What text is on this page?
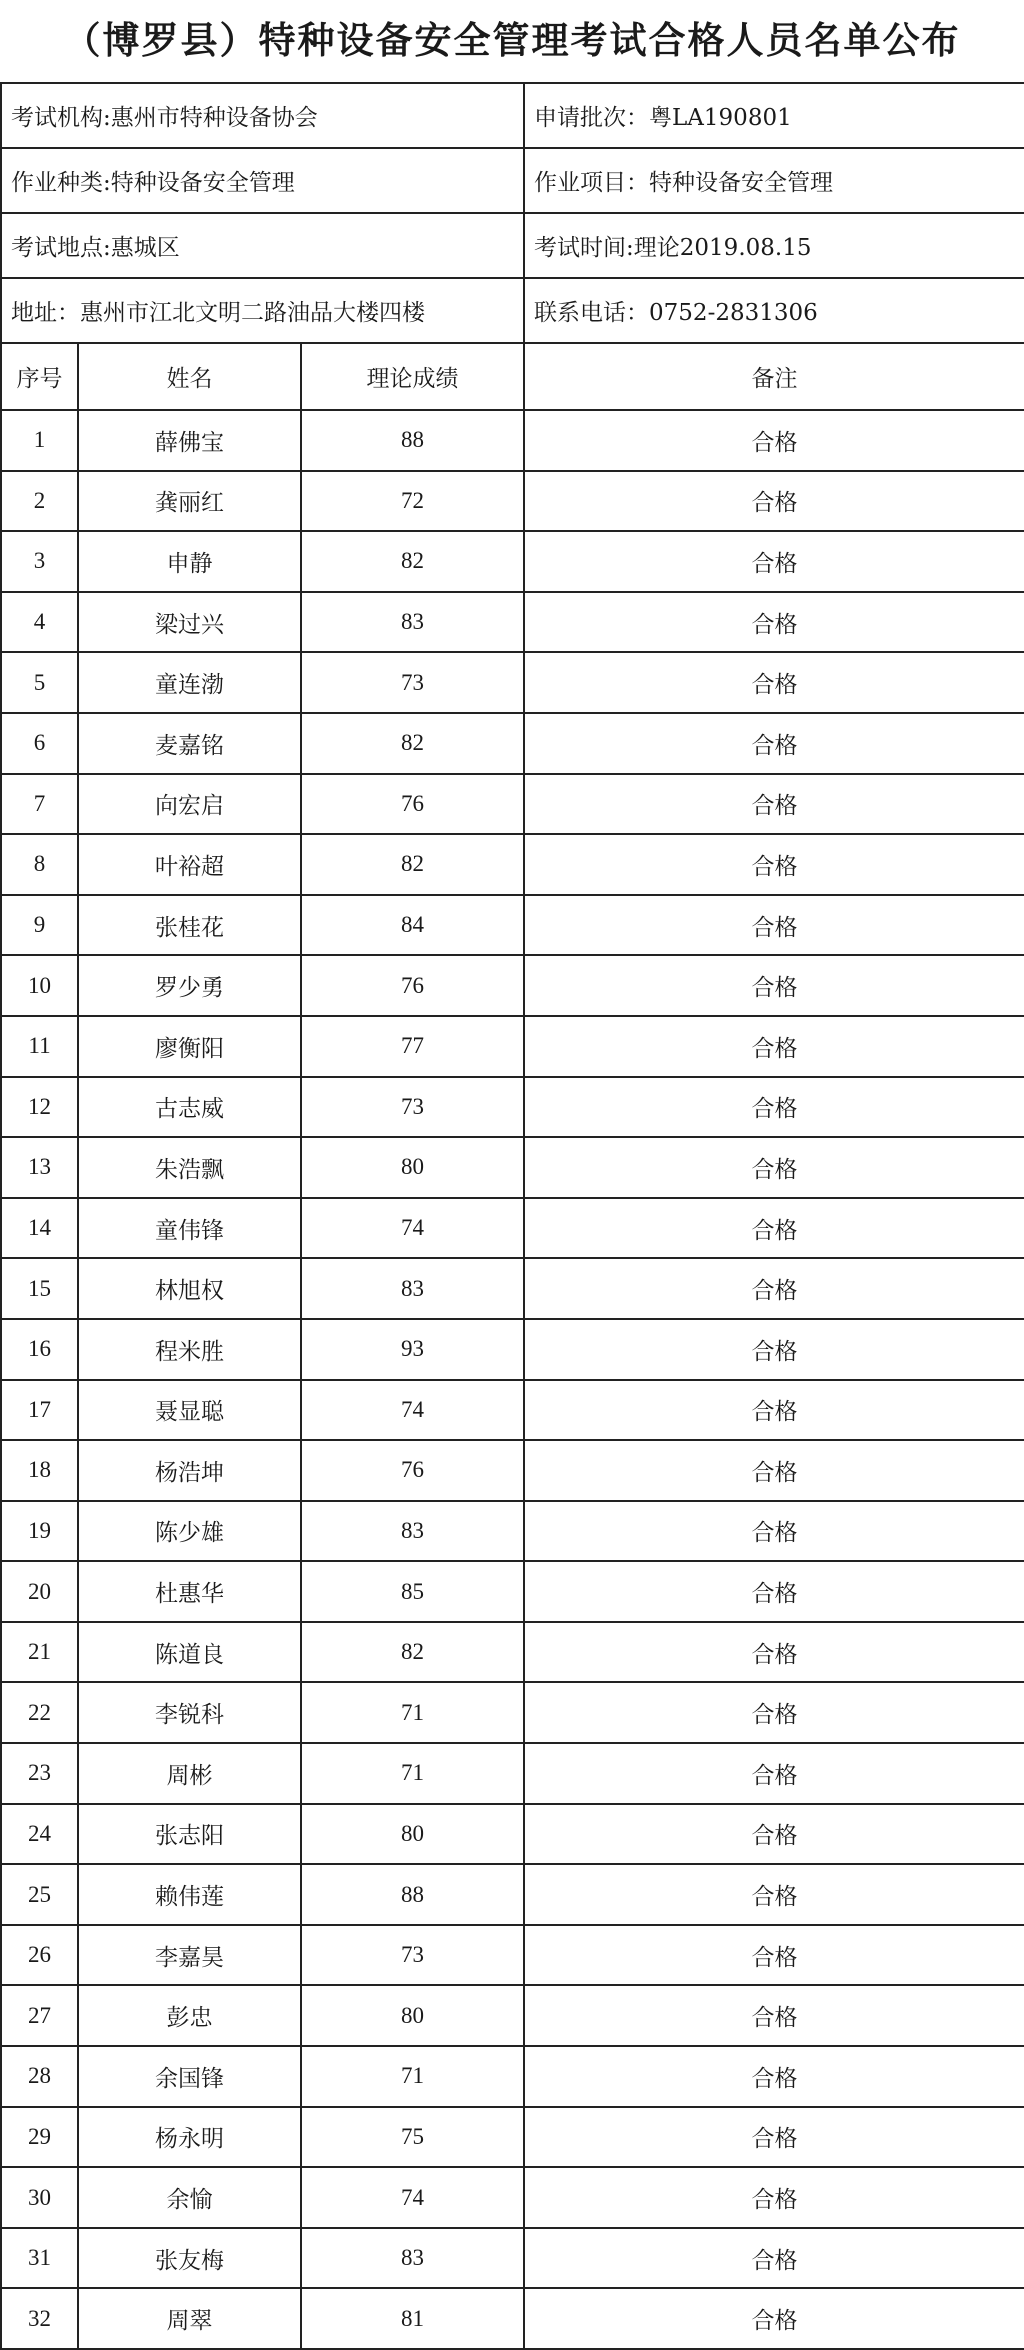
（博罗县）特种设备安全管理考试合格人员名单公布
考试机构:惠州市特种设备协会			申请批次：粤LA190801
作业种类:特种设备安全管理			作业项目：特种设备安全管理
考试地点:惠城区			考试时间:理论2019.08.15
地址：惠州市江北文明二路油品大楼四楼			联系电话：0752-2831306
序号	姓名	理论成绩	备注
1	薛佛宝	88	合格
2	龚丽红	72	合格
3	申静	82	合格
4	梁过兴	83	合格
5	童连渤	73	合格
6	麦嘉铭	82	合格
7	向宏启	76	合格
8	叶裕超	82	合格
9	张桂花	84	合格
10	罗少勇	76	合格
11	廖衡阳	77	合格
12	古志威	73	合格
13	朱浩飘	80	合格
14	童伟锋	74	合格
15	林旭权	83	合格
16	程米胜	93	合格
17	聂显聪	74	合格
18	杨浩坤	76	合格
19	陈少雄	83	合格
20	杜惠华	85	合格
21	陈道良	82	合格
22	李锐科	71	合格
23	周彬	71	合格
24	张志阳	80	合格
25	赖伟莲	88	合格
26	李嘉昊	73	合格
27	彭忠	80	合格
28	余国锋	71	合格
29	杨永明	75	合格
30	余愉	74	合格
31	张友梅	83	合格
32	周翠	81	合格
